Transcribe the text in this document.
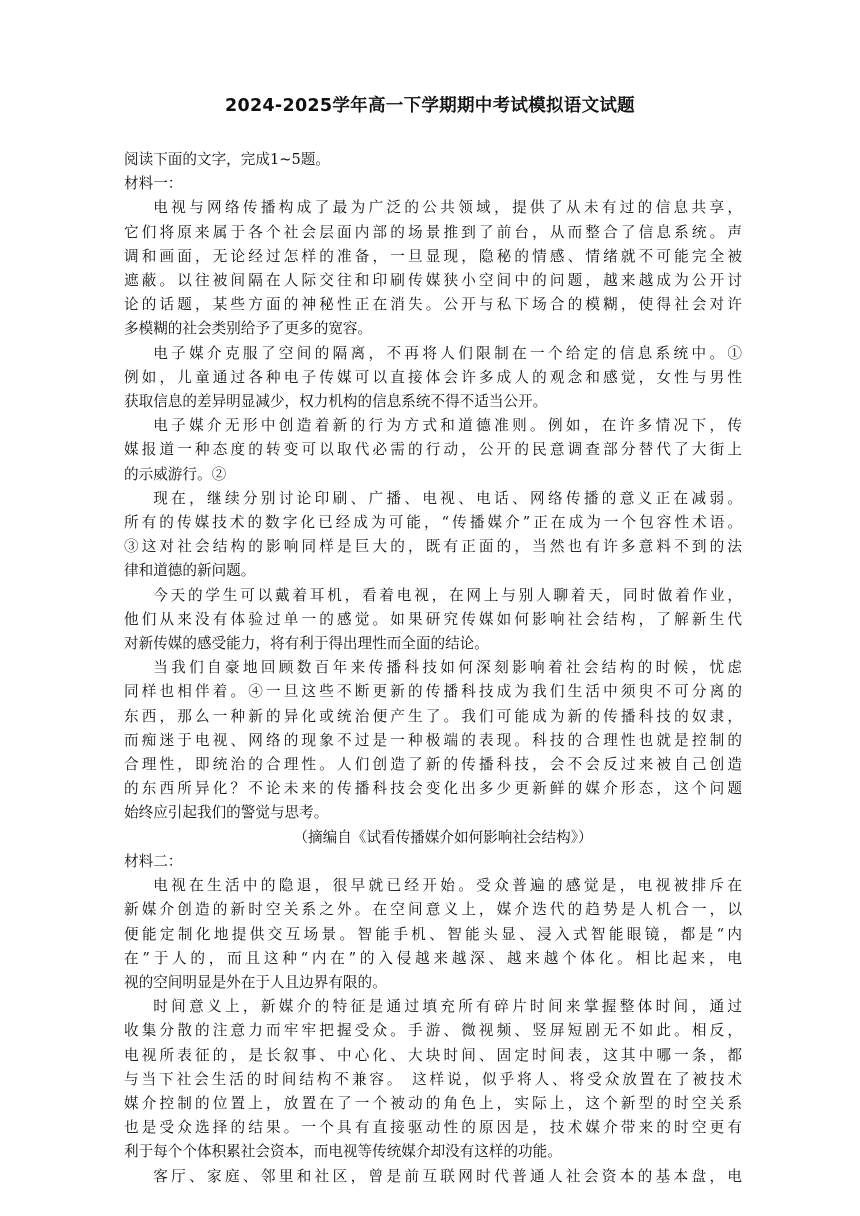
2024-2025学年高一下学期期中考试模拟语文试题

阅读下面的文字，完成1~5题。

材料一：

电视与网络传播构成了最为广泛的公共领域，提供了从未有过的信息共享，

它们将原来属于各个社会层面内部的场景推到了前台，从而整合了信息系统。声

调和画面，无论经过怎样的准备，一旦显现，隐秘的情感、情绪就不可能完全被

遮蔽。以往被间隔在人际交往和印刷传媒狭小空间中的问题，越来越成为公开讨

论的话题，某些方面的神秘性正在消失。公开与私下场合的模糊，使得社会对许

多模糊的社会类别给予了更多的宽容。

电子媒介克服了空间的隔离，不再将人们限制在一个给定的信息系统中。①

例如，儿童通过各种电子传媒可以直接体会许多成人的观念和感觉，女性与男性

获取信息的差异明显减少，权力机构的信息系统不得不适当公开。

电子媒介无形中创造着新的行为方式和道德准则。例如，在许多情况下，传

媒报道一种态度的转变可以取代必需的行动，公开的民意调查部分替代了大街上

的示威游行。②

现在，继续分别讨论印刷、广播、电视、电话、网络传播的意义正在减弱。

所有的传媒技术的数字化已经成为可能，“传播媒介”正在成为一个包容性术语。

③这对社会结构的影响同样是巨大的，既有正面的，当然也有许多意料不到的法

律和道德的新问题。

今天的学生可以戴着耳机，看着电视，在网上与别人聊着天，同时做着作业，

他们从来没有体验过单一的感觉。如果研究传媒如何影响社会结构，了解新生代

对新传媒的感受能力，将有利于得出理性而全面的结论。

当我们自豪地回顾数百年来传播科技如何深刻影响着社会结构的时候，忧虑

同样也相伴着。④一旦这些不断更新的传播科技成为我们生活中须臾不可分离的

东西，那么一种新的异化或统治便产生了。我们可能成为新的传播科技的奴隶，

而痴迷于电视、网络的现象不过是一种极端的表现。科技的合理性也就是控制的

合理性，即统治的合理性。人们创造了新的传播科技，会不会反过来被自己创造

的东西所异化？不论未来的传播科技会变化出多少更新鲜的媒介形态，这个问题

始终应引起我们的警觉与思考。

（摘编自《试看传播媒介如何影响社会结构》）

材料二：

电视在生活中的隐退，很早就已经开始。受众普遍的感觉是，电视被排斥在

新媒介创造的新时空关系之外。在空间意义上，媒介迭代的趋势是人机合一，以

便能定制化地提供交互场景。智能手机、智能头显、浸入式智能眼镜，都是“内

在”于人的，而且这种“内在”的入侵越来越深、越来越个体化。相比起来，电

视的空间明显是外在于人且边界有限的。

时间意义上，新媒介的特征是通过填充所有碎片时间来掌握整体时间，通过

收集分散的注意力而牢牢把握受众。手游、微视频、竖屏短剧无不如此。相反，

电视所表征的，是长叙事、中心化、大块时间、固定时间表，这其中哪一条，都

与当下社会生活的时间结构不兼容。 这样说，似乎将人、将受众放置在了被技术

媒介控制的位置上，放置在了一个被动的角色上，实际上，这个新型的时空关系

也是受众选择的结果。一个具有直接驱动性的原因是，技术媒介带来的时空更有

利于每个个体积累社会资本，而电视等传统媒介却没有这样的功能。

客厅、家庭、邻里和社区，曾是前互联网时代普通人社会资本的基本盘，电
